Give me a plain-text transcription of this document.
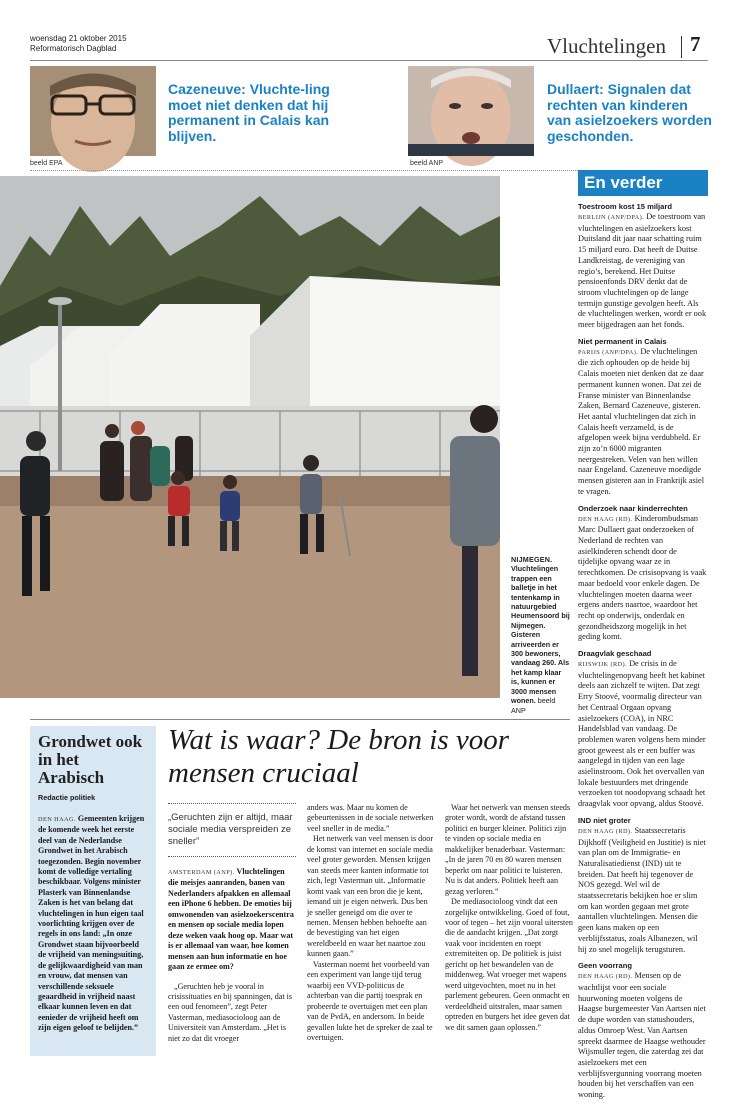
woensdag 21 oktober 2015
Reformatorisch Dagblad	Vluchtelingen 7
Cazeneuve: Vluchte-ling moet niet denken dat hij permanent in Calais kan blijven.
beeld EPA
Dullaert: Signalen dat rechten van kinderen van asielzoekers worden geschonden.
beeld ANP
NIJMEGEN. Vluchtelingen trappen een balletje in het tentenkamp in natuurgebied Heumensoord bij Nijmegen. Gisteren arriveerden er 300 bewoners, vandaag 260. Als het kamp klaar is, kunnen er 3000 mensen wonen. beeld ANP
En verder
Toestroom kost 15 miljard
BERLIJN (ANP/DPA). De toestroom van vluchtelingen en asielzoekers kost Duitsland dit jaar naar schatting ruim 15 miljard euro. Dat heeft de Duitse Landkreistag, de vereniging van regio’s, berekend. Het Duitse pensioenfonds DRV denkt dat de stroom vluchtelingen op de lange termijn gunstige gevolgen heeft. Als de vluchtelingen werken, wordt er ook meer bijgedragen aan het fonds.
Niet permanent in Calais
PARIJS (ANP/DPA). De vluchtelingen die zich ophouden op de heide bij Calais moeten niet denken dat ze daar permanent kunnen wonen. Dat zei de Franse minister van Binnenlandse Zaken, Bernard Cazeneuve, gisteren. Het aantal vluchtelingen dat zich in Calais heeft verzameld, is de afgelopen week bijna verdubbeld. Er zijn zo’n 6000 migranten neergestreken. Velen van hen willen naar Engeland. Cazeneuve moedigde mensen gisteren aan in Frankrijk asiel te vragen.
Onderzoek naar kinderrechten
DEN HAAG (RD). Kinderombudsman Marc Dullaert gaat onderzoeken of Nederland de rechten van asielkinderen schendt door de tijdelijke opvang waar ze in terechtkomen. De crisisopvang is vaak maar bedoeld voor enkele dagen. De vluchtelingen moeten daarna weer ergens anders naartoe, waardoor het recht op onderwijs, onderdak en gezondheidszorg mogelijk in het geding komt.
Draagvlak geschaad
RIJSWIJK (RD). De crisis in de vluchtelingenopvang heeft het kabinet deels aan zichzelf te wijten. Dat zegt Erry Stoové, voormalig directeur van het Centraal Orgaan opvang asielzoekers (COA), in NRC Handelsblad van vandaag. De problemen waren volgens hem minder groot geweest als er een buffer was aangelegd in tijden van een lage asielinstroom. Ook het overvallen van lokale bestuurders met dringende verzoeken tot noodopvang schaadt het draagvlak voor opvang, aldus Stoové.
IND niet groter
DEN HAAG (RD). Staatssecretaris Dijkhoff (Veiligheid en Justitie) is niet van plan om de Immigratie- en Naturalisatiedienst (IND) uit te breiden. Dat heeft hij tegenover de NOS gezegd. Wel wil de staatssecretaris bekijken hoe er slim om kan worden gegaan met grote aantallen vluchtelingen. Mensen die geen kans maken op een verblijfsstatus, zoals Albanezen, wil hij zo snel mogelijk terugsturen.
Geen voorrang
DEN HAAG (RD). Mensen op de wachtlijst voor een sociale huurwoning moeten volgens de Haagse burgemeester Van Aartsen niet de dupe worden van statushouders, aldus Omroep West. Van Aartsen spreekt daarmee de Haagse wethouder Wijsmuller tegen, die zaterdag zei dat asielzoekers met een verblijfsvergunning voorrang moeten houden bij het verschaffen van een woning.
Grondwet ook in het Arabisch
Redactie politiek
DEN HAAG. Gemeenten krijgen de komende week het eerste deel van de Nederlandse Grondwet in het Arabisch toegezonden. Begin november komt de volledige vertaling beschikbaar. Volgens minister Plasterk van Binnenlandse Zaken is het van belang dat vluchtelingen in hun eigen taal voorlichting krijgen over de regels in ons land: „In onze Grondwet staan bijvoorbeeld de vrijheid van meningsuiting, de gelijkwaardigheid van man en vrouw, dat mensen van verschillende seksuele geaardheid in vrijheid naast elkaar kunnen leven en dat eenieder de vrijheid heeft om zijn eigen geloof te belijden.”
Wat is waar? De bron is voor mensen cruciaal
„Geruchten zijn er altijd, maar sociale media verspreiden ze sneller”

AMSTERDAM (ANP). Vluchtelingen die meisjes aanranden, banen van Nederlanders afpakken en allemaal een iPhone 6 hebben. De emoties bij omwonenden van asielzoekerscentra en mensen op sociale media lopen deze weken vaak hoog op. Maar wat is er allemaal van waar, hoe komen mensen aan hun informatie en hoe gaan ze ermee om?

„Geruchten heb je vooral in crisissituaties en bij spanningen, dat is een oud fenomeen”, zegt Peter Vasterman, mediasocioloog aan de Universiteit van Amsterdam. „Het is niet zo dat dit vroeger

anders was. Maar nu komen de gebeurtenissen in de sociale netwerken veel sneller in de media.”

Het netwerk van veel mensen is door de komst van internet en sociale media veel groter geworden. Mensen krijgen van steeds meer kanten informatie tot zich, legt Vasterman uit. „Informatie komt vaak van een bron die je kent, iemand uit je eigen netwerk. Dus ben je sneller geneigd om die over te nemen. Mensen hebben behoefte aan de bevestiging van het eigen wereldbeeld en waar het naartoe zou kunnen gaan.”

Vasterman noemt het voorbeeld van een experiment van lange tijd terug waarbij een VVD-politicus de achterban van die partij toesprak en probeerde te overtuigen met een plan van de PvdA, en andersom. In beide gevallen lukte het de spreker de zaal te overtuigen.

Waar het netwerk van mensen steeds groter wordt, wordt de afstand tussen politici en burger kleiner. Politici zijn te vinden op sociale media en makkelijker benaderbaar. Vasterman: „In de jaren 70 en 80 waren mensen beperkt om naar politici te luisteren. Nu is dat anders. Politiek heeft aan gezag verloren.”

De mediasocioloog vindt dat een zorgelijke ontwikkeling. Goed of fout, voor of tegen – het zijn vooral uitersten die de aandacht krijgen. „Dat zorgt vaak voor incidenten en roept extremiteiten op. De politiek is juist gericht op het bewandelen van de middenweg. Wat vroeger met wapens werd uitgevochten, moet nu in het parlement gebeuren. Geen onmacht en verdeeldheid uitstralen, maar samen optreden en burgers het idee geven dat we dit samen gaan oplossen.”
